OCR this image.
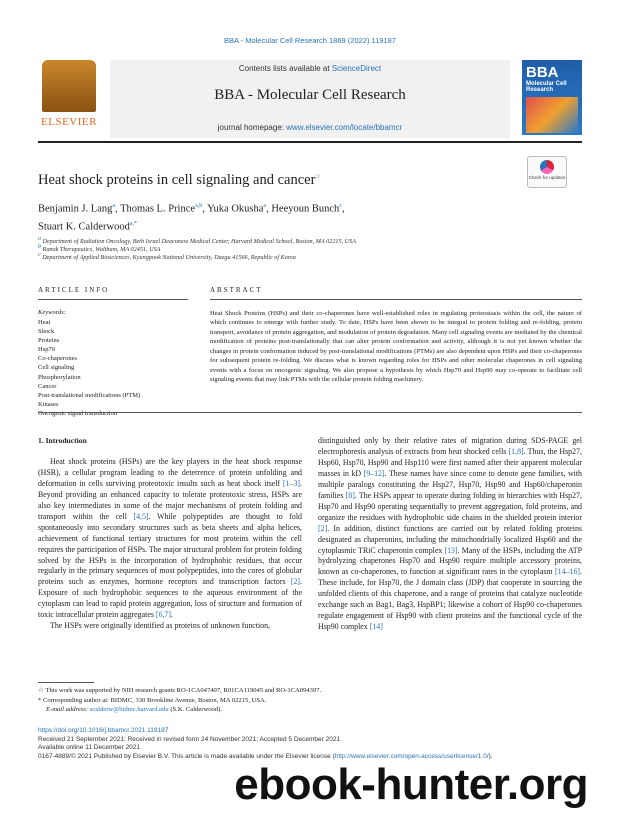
BBA - Molecular Cell Research 1869 (2022) 119187
ELSEVIER
Contents lists available at ScienceDirect
BBA - Molecular Cell Research
journal homepage: www.elsevier.com/locate/bbamcr
BBA
Molecular Cell Research
Heat shock proteins in cell signaling and cancer☆	Check for updates
Benjamin J. Lang$^a$, Thomas L. Prince$^{a,b}$, Yuka Okusha$^a$, Heeyoun Bunch$^c$,
Stuart K. Calderwood$^{a,*}$
$^a$ Department of Radiation Oncology, Beth Israel Deaconess Medical Center, Harvard Medical School, Boston, MA 02215, USA
$^b$ Ranok Therapeutics, Waltham, MA 02451, USA
$^c$ Department of Applied Biosciences, Kyungpook National University, Daegu 41566, Republic of Korea
ARTICLE INFO	ABSTRACT
Keywords:
Heat
Shock
Proteins
Hsp70
Co-chaperones
Cell signaling
Phosphorylation
Cancer
Post-translational modifications (PTM)
Kinases
Oncogenic signal transduction
Heat Shock Proteins (HSPs) and their co-chaperones have well-established roles in regulating proteostasis within the cell, the nature of which continues to emerge with further study. To date, HSPs have been shown to be integral to protein folding and re-folding, protein transport, avoidance of protein aggregation, and modulation of protein degradation. Many cell signaling events are mediated by the chemical modification of proteins post-translationally that can alter protein conformation and activity, although it is not yet known whether the changes in protein conformation induced by post-translational modifications (PTMs) are also dependent upon HSPs and their co-chaperones for subsequent protein re-folding. We discuss what is known regarding roles for HSPs and other molecular chaperones in cell signaling events with a focus on oncogenic signaling. We also propose a hypothesis by which Hsp70 and Hsp90 may co-operate to facilitate cell signaling events that may link PTMs with the cellular protein folding machinery.
1. Introduction

Heat shock proteins (HSPs) are the key players in the heat shock response (HSR), a cellular program leading to the deterrence of protein unfolding and deformation in cells surviving proteotoxic insults such as heat shock itself [1–3]. Beyond providing an enhanced capacity to tolerate proteotoxic stress, HSPs are also key intermediates in some of the major mechanisms of protein folding and transport within the cell [4,5]. While polypeptides are thought to fold spontaneously into secondary structures such as beta sheets and alpha helices, achievement of functional tertiary structures for most proteins within the cell requires the participation of HSPs. The major structural problem for protein folding solved by the HSPs is the incorporation of hydrophobic residues, that occur regularly in the primary sequences of most polypeptides, into the cores of globular proteins such as enzymes, hormone receptors and transcription factors [2]. Exposure of such hydrophobic sequences to the aqueous environment of the cytoplasm can lead to rapid protein aggregation, loss of structure and formation of toxic intracellular protein aggregates [6,7].

The HSPs were originally identified as proteins of unknown function,

distinguished only by their relative rates of migration during SDS-PAGE gel electrophoresis analysis of extracts from heat shocked cells [1,8]. Thus, the Hsp27, Hsp60, Hsp70, Hsp90 and Hsp110 were first named after their apparent molecular masses in kD [9–12]. These names have since come to denote gene families, with multiple paralogs constituting the Hsp27, Hsp70, Hsp90 and Hsp60/chaperonin families [8]. The HSPs appear to operate during folding in hierarchies with Hsp27, Hsp70 and Hsp90 operating sequentially to prevent aggregation, fold proteins, and organize the residues with hydrophobic side chains in the shielded protein interior [2]. In addition, distinct functions are carried out by related folding proteins designated as chaperonins, including the mitochondrially localized Hsp60 and the cytoplasmic TRiC chaperonin complex [13]. Many of the HSPs, including the ATP hydrolyzing chaperones Hsp70 and Hsp90 require multiple accessory proteins, known as co-chaperones, to function at significant rates in the cytoplasm [14–16]. These include, for Hsp70, the J domain class (JDP) that cooperate in sourcing the unfolded clients of this chaperone, and a range of proteins that catalyze nucleotide exchange such as Bag1, Bag3, HspBP1; likewise a cohort of Hsp90 co-chaperones regulate engagement of Hsp90 with client proteins and the functional cycle of the Hsp90 complex [14]

☆ This work was supported by NIH research grants RO-1CA047407, R01CA119045 and RO-1CA094397.
* Corresponding author at: BIDMC, 330 Brookline Avenue, Boston, MA 02215, USA.
E-mail address: scalderw@bidmc.harvard.edu (S.K. Calderwood).
https://doi.org/10.1016/j.bbamcr.2021.119187
Received 21 September 2021; Received in revised form 24 November 2021; Accepted 5 December 2021
Available online 11 December 2021
0167-4889/© 2021 Published by Elsevier B.V. This article is made available under the Elsevier license (http://www.elsevier.com/open-access/userlicense/1.0/).
ebook-hunter.org
